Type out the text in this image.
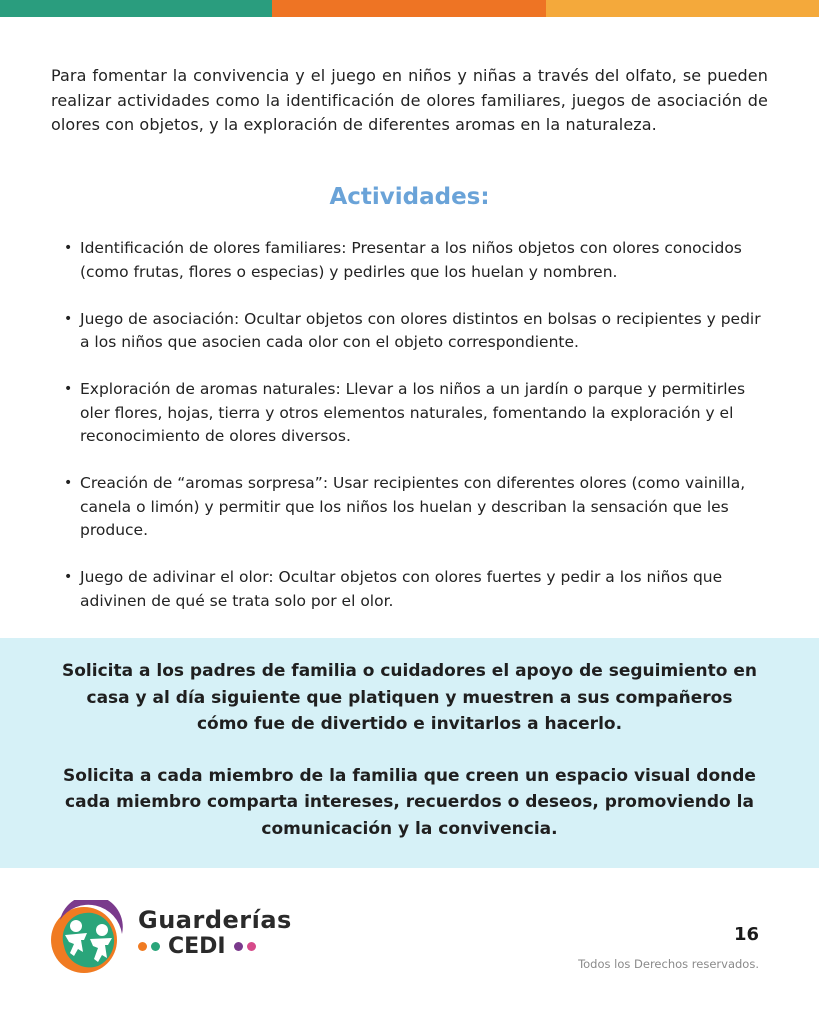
Para fomentar la convivencia y el juego en niños y niñas a través del olfato, se pueden realizar actividades como la identificación de olores familiares, juegos de asociación de olores con objetos, y la exploración de diferentes aromas en la naturaleza.

Actividades:
• Identificación de olores familiares: Presentar a los niños objetos con olores conocidos (como frutas, flores o especias) y pedirles que los huelan y nombren.
• Juego de asociación: Ocultar objetos con olores distintos en bolsas o recipientes y pedir a los niños que asocien cada olor con el objeto correspondiente.
• Exploración de aromas naturales: Llevar a los niños a un jardín o parque y permitirles oler flores, hojas, tierra y otros elementos naturales, fomentando la exploración y el reconocimiento de olores diversos.
• Creación de “aromas sorpresa”: Usar recipientes con diferentes olores (como vainilla, canela o limón) y permitir que los niños los huelan y describan la sensación que les produce.
• Juego de adivinar el olor: Ocultar objetos con olores fuertes y pedir a los niños que adivinen de qué se trata solo por el olor.

Solicita a los padres de familia o cuidadores el apoyo de seguimiento en casa y al día siguiente que platiquen y muestren a sus compañeros cómo fue de divertido e invitarlos a hacerlo.

Solicita a cada miembro de la familia que creen un espacio visual donde cada miembro comparta intereses, recuerdos o deseos, promoviendo la comunicación y la convivencia.

Guarderías
CEDI	16
Todos los Derechos reservados.
